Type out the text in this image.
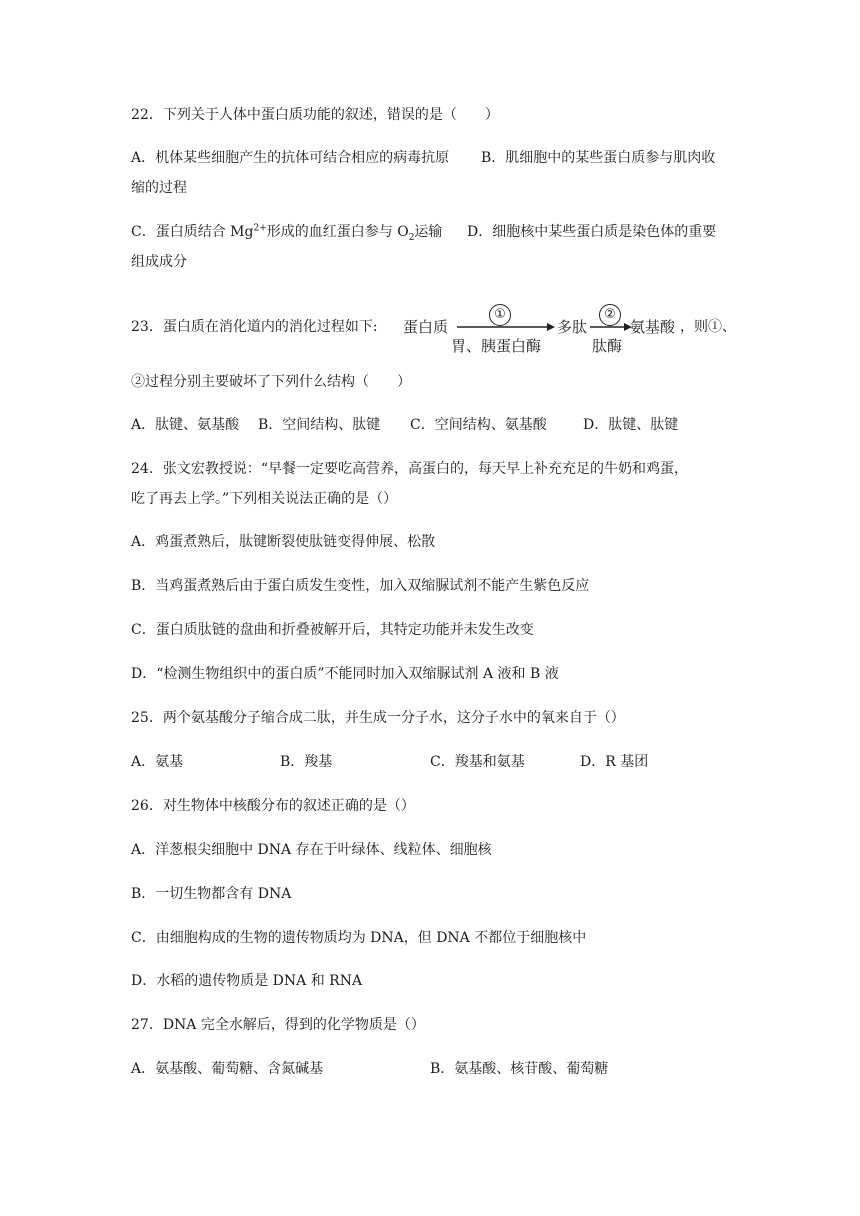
22．下列关于人体中蛋白质功能的叙述，错误的是（　　）
A．机体某些细胞产生的抗体可结合相应的病毒抗原 B．肌细胞中的某些蛋白质参与肌肉收
缩的过程
C．蛋白质结合 $Mg^{2+}$形成的血红蛋白参与 $O_2$运输 D．细胞核中某些蛋白质是染色体的重要
组成成分
23．蛋白质在消化道内的消化过程如下: 蛋白质
①
胃、胰蛋白酶
多肽
②
肽酶
氨基酸 ，则①、
②过程分别主要破坏了下列什么结构（　　）
A．肽键、氨基酸 B．空间结构、肽键 C．空间结构、氨基酸	D．肽键、肽键
24．张文宏教授说：“早餐一定要吃高营养，高蛋白的，每天早上补充充足的牛奶和鸡蛋，
吃了再去上学。”下列相关说法正确的是（）
A．鸡蛋煮熟后，肽键断裂使肽链变得伸展、松散
B．当鸡蛋煮熟后由于蛋白质发生变性，加入双缩脲试剂不能产生紫色反应
C．蛋白质肽链的盘曲和折叠被解开后，其特定功能并未发生改变
D．“检测生物组织中的蛋白质”不能同时加入双缩脲试剂 A 液和 B 液
25．两个氨基酸分子缩合成二肽，并生成一分子水，这分子水中的氧来自于（）
A．氨基	B．羧基	C．羧基和氨基	D．R 基团
26．对生物体中核酸分布的叙述正确的是（）
A．洋葱根尖细胞中 DNA 存在于叶绿体、线粒体、细胞核
B．一切生物都含有 DNA
C．由细胞构成的生物的遗传物质均为 DNA，但 DNA 不都位于细胞核中
D．水稻的遗传物质是 DNA 和 RNA
27．DNA 完全水解后，得到的化学物质是（）
A．氨基酸、葡萄糖、含氮碱基	B．氨基酸、核苷酸、葡萄糖
